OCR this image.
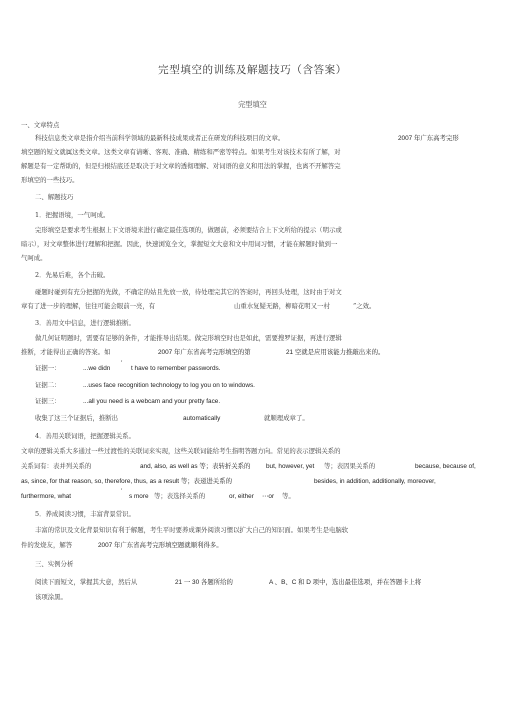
完型填空的训练及解题技巧（含答案）
完型填空
一、文章特点
科技信息类文章是指介绍当前科学领域的最新科技成果或者正在研发的科技项目的文章。	2007 年广东高考完形
填空题的短文就属这类文章。这类文章有请晰、客观、准确、精练和严密等特点。如果考生对该技术有所了解，对
解题是有一定帮助的，但是归根结底还是取决于对文章的透彻理解、对词语的意义和用法的掌握，也离不开解答完
形填空的一些技巧。
二、解题技巧
1．把握语境，一气呵成。
完形填空是要求考生根据上下文语境来进行确定最佳选项的，做题前，必须要结合上下文所给的提示（明示或
暗示），对文章整体进行理解和把握。因此，快速浏览全文，掌握短文大意和文中用词习惯，才能在解题时做到一
气呵成。
2．先易后难，各个击破。
碰题时碰到有充分把握的先做，不确定的姑且先放一放，待处理完其它的答案时，再回头处理，这时由于对文
章有了进一步的理解，往往可能会眼前一亮，有	山重水复疑无路，柳暗花明又一村	”之效。
3．善用文中信息，进行逻辑推断。
做几何证明题时，需要有足够的条件，才能推导出结果。做完形填空时也是如此，需要搜罗证据，再进行逻辑
推断，才能得出正确的答案。如	2007 年广东省高考完形填空的第	21 空就是应用该能力推敲出来的。
证据一：	...we didn
’
t have to remember passwords.
证据二：	...uses face recognition technology to log you on to windows.
证据三：	...all you need is a webcam and your pretty face.
收集了这三个证据后，推断出	automatically	就顺理成章了。
4．善用关联词语，把握逻辑关系。
文章的逻辑关系大多通过一些过渡性的关联词来实现，这些关联词能给考生指明答题方向。常见的表示逻辑关系的
关系词有：表并列关系的	and, also, as well as 等；表转折关系的 but, however, yet 等；表因果关系的	because, because of,
as, since, for that reason, so, therefore, thus, as a result 等；表递进关系的	besides, in addition, additionally, moreover,
furthermore, what
’
s more 等；表选择关系的	or, either ⋯or 等。
5．养成阅读习惯，丰富背景常识。
丰富的常识及文化背景知识有利于解题，考生平时要养成课外阅读习惯以扩大自己的知识面。如果考生是电脑软
件的发烧友，解答	2007 年广东省高考完形填空题就顺利得多。
三、实例分析
阅读下面短文，掌握其大意，然后从	21 一 30 各题所给的	A 、B、C 和 D 项中，选出最佳选项，并在答题卡上将
该项涂黑。
